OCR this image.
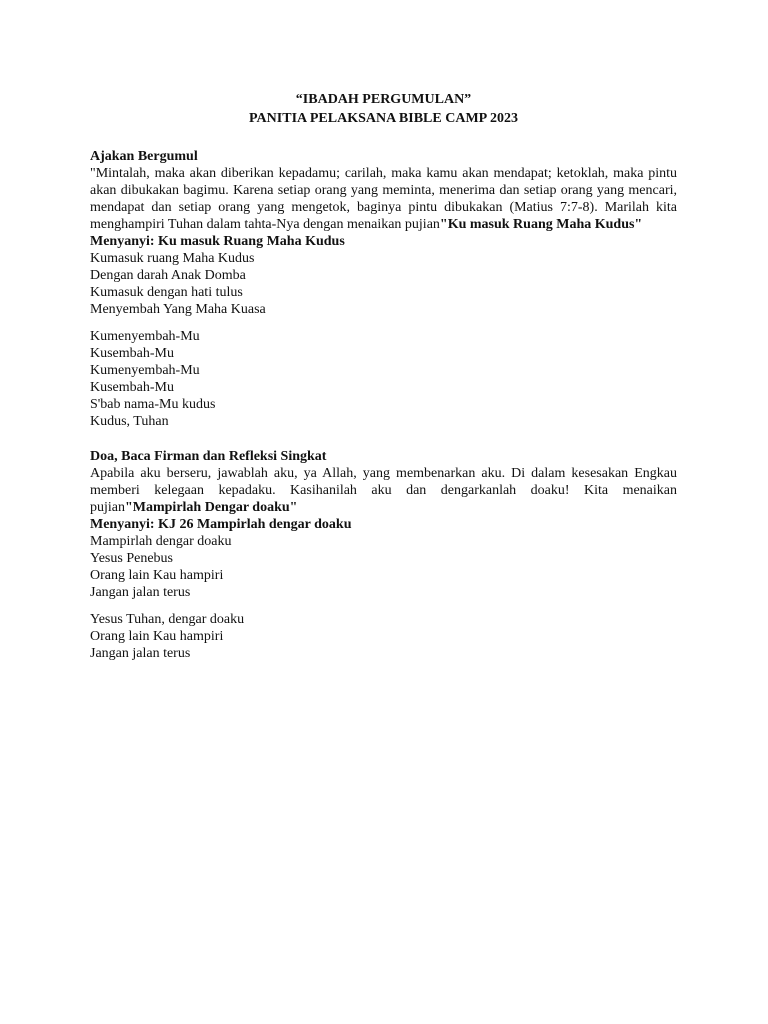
“IBADAH PERGUMULAN”
PANITIA PELAKSANA BIBLE CAMP 2023
Ajakan Bergumul
"Mintalah, maka akan diberikan kepadamu; carilah, maka kamu akan mendapat; ketoklah, maka pintu akan dibukakan bagimu. Karena setiap orang yang meminta, menerima dan setiap orang yang mencari, mendapat dan setiap orang yang mengetok, baginya pintu dibukakan (Matius 7:7-8). Marilah kita menghampiri Tuhan dalam tahta-Nya dengan menaikan pujian"Ku masuk Ruang Maha Kudus"
Menyanyi: Ku masuk Ruang Maha Kudus
Kumasuk ruang Maha Kudus
Dengan darah Anak Domba
Kumasuk dengan hati tulus
Menyembah Yang Maha Kuasa
Kumenyembah-Mu
Kusembah-Mu
Kumenyembah-Mu
Kusembah-Mu
S'bab nama-Mu kudus
Kudus, Tuhan
Doa, Baca Firman dan Refleksi Singkat
Apabila aku berseru, jawablah aku, ya Allah, yang membenarkan aku. Di dalam kesesakan Engkau memberi kelegaan kepadaku. Kasihanilah aku dan dengarkanlah doaku! Kita menaikan pujian"Mampirlah Dengar doaku"
Menyanyi: KJ 26 Mampirlah dengar doaku
Mampirlah dengar doaku
Yesus Penebus
Orang lain Kau hampiri
Jangan jalan terus
Yesus Tuhan, dengar doaku
Orang lain Kau hampiri
Jangan jalan terus
